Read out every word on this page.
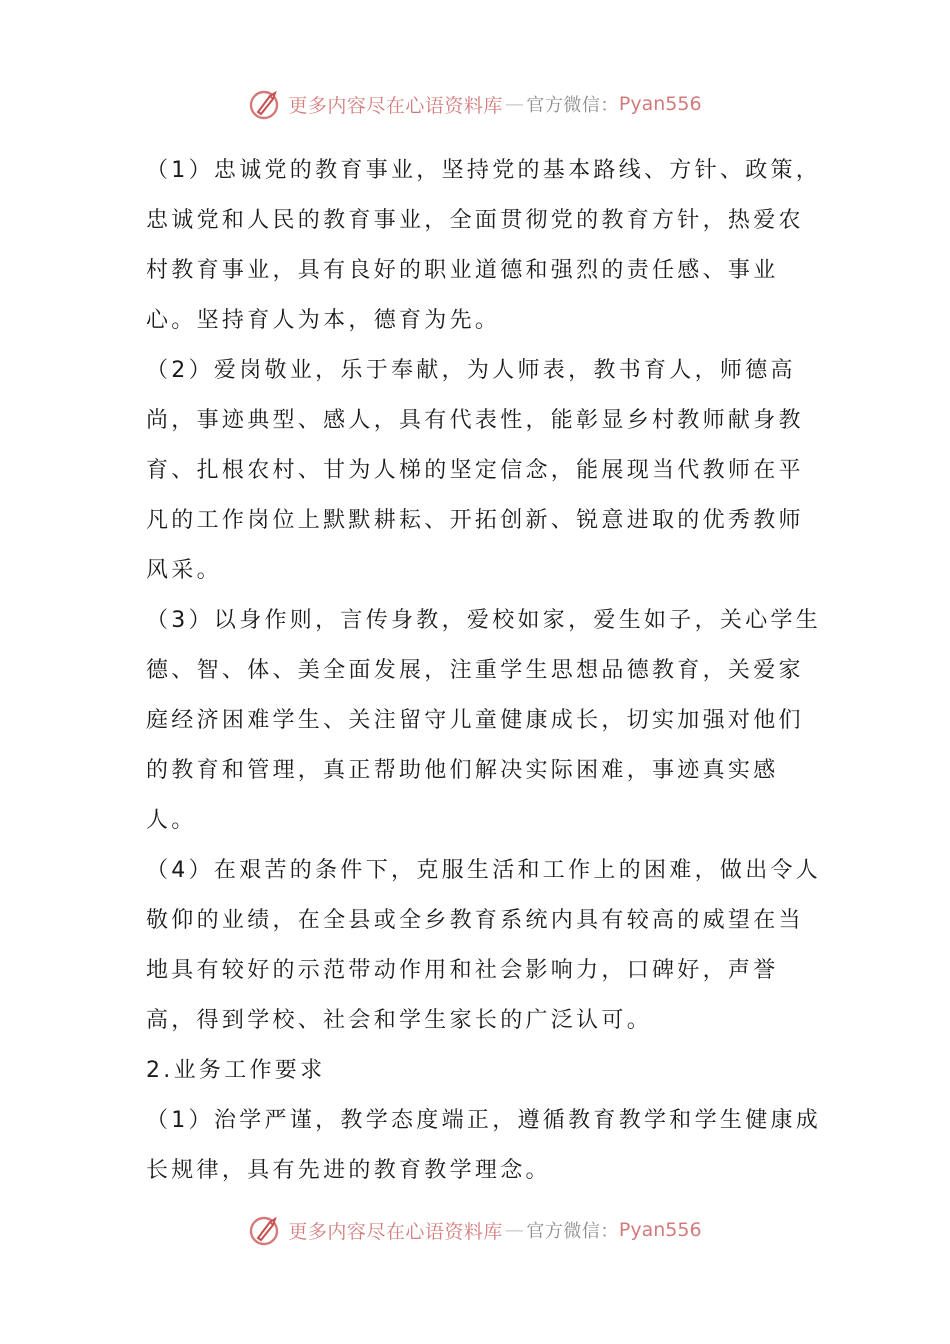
更多内容尽在心语资料库 — 官方微信： Pyan556

（1）忠诚党的教育事业，坚持党的基本路线、方针、政策，忠诚党和人民的教育事业，全面贯彻党的教育方针，热爱农村教育事业，具有良好的职业道德和强烈的责任感、事业心。坚持育人为本，德育为先。

（2）爱岗敬业，乐于奉献，为人师表，教书育人，师德高尚，事迹典型、感人，具有代表性，能彰显乡村教师献身教育、扎根农村、甘为人梯的坚定信念，能展现当代教师在平凡的工作岗位上默默耕耘、开拓创新、锐意进取的优秀教师风采。

（3）以身作则，言传身教，爱校如家，爱生如子，关心学生德、智、体、美全面发展，注重学生思想品德教育，关爱家庭经济困难学生、关注留守儿童健康成长，切实加强对他们的教育和管理，真正帮助他们解决实际困难，事迹真实感人。

（4）在艰苦的条件下，克服生活和工作上的困难，做出令人敬仰的业绩，在全县或全乡教育系统内具有较高的威望在当地具有较好的示范带动作用和社会影响力，口碑好，声誉高，得到学校、社会和学生家长的广泛认可。

2.业务工作要求

（1）治学严谨，教学态度端正，遵循教育教学和学生健康成长规律，具有先进的教育教学理念。

更多内容尽在心语资料库 — 官方微信： Pyan556
